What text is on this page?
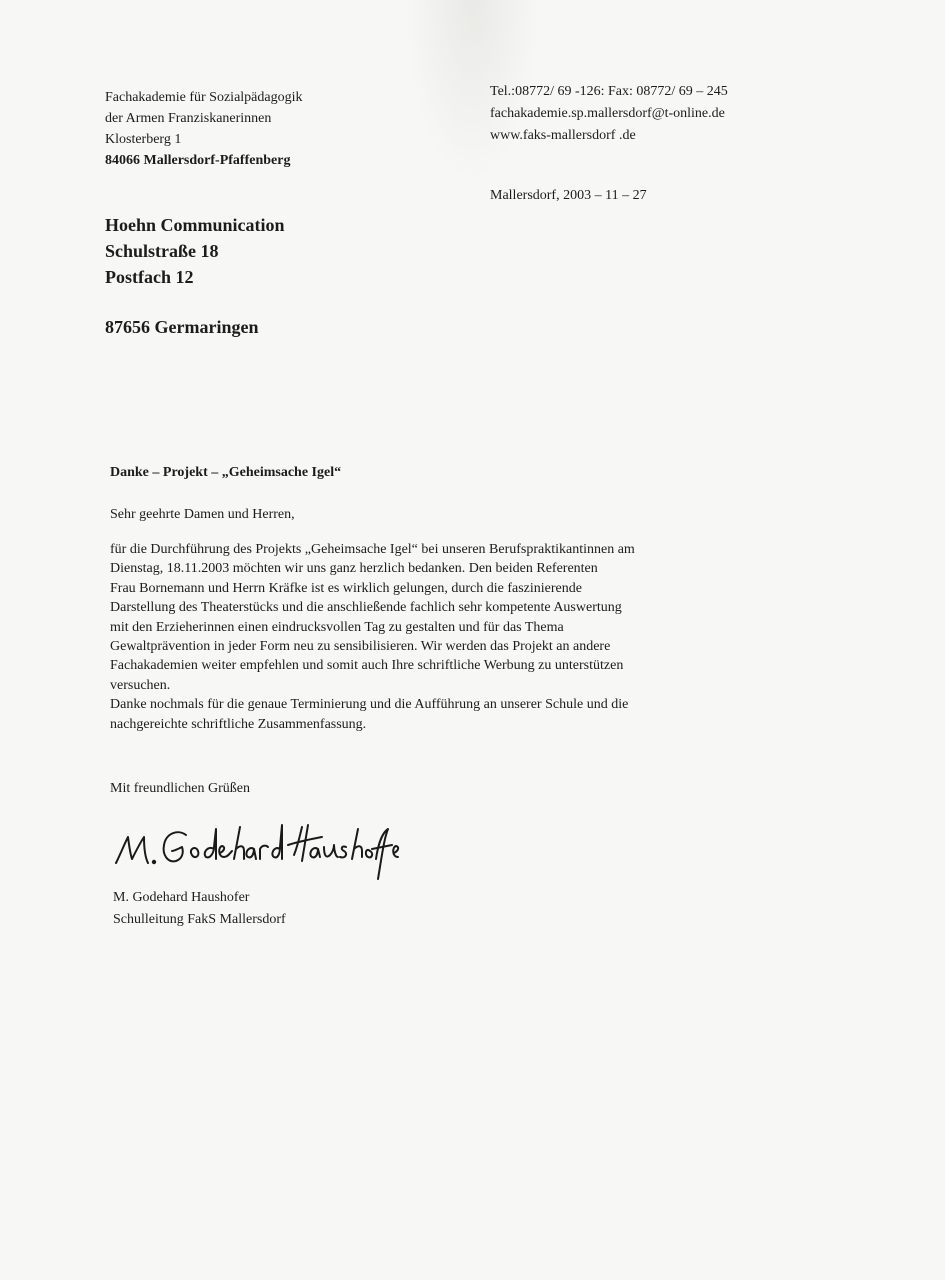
Fachakademie für Sozialpädagogik
der Armen Franziskanerinnen
Klosterberg 1
84066 Mallersdorf-Pfaffenberg
Tel.:08772/ 69 -126: Fax: 08772/ 69 – 245
fachakademie.sp.mallersdorf@t-online.de
www.faks-mallersdorf .de
Mallersdorf, 2003 – 11 – 27
Hoehn Communication
Schulstraße 18
Postfach 12
87656 Germaringen
Danke – Projekt – „Geheimsache Igel“
Sehr geehrte Damen und Herren,
für die Durchführung des Projekts „Geheimsache Igel“ bei unseren Berufspraktikantinnen am
Dienstag, 18.11.2003 möchten wir uns ganz herzlich bedanken. Den beiden Referenten
Frau Bornemann und Herrn Kräfke ist es wirklich gelungen, durch die faszinierende
Darstellung des Theaterstücks und die anschließende fachlich sehr kompetente Auswertung
mit den Erzieherinnen einen eindrucksvollen Tag zu gestalten und für das Thema
Gewaltprävention in jeder Form neu zu sensibilisieren. Wir werden das Projekt an andere
Fachakademien weiter empfehlen und somit auch Ihre schriftliche Werbung zu unterstützen
versuchen.
Danke nochmals für die genaue Terminierung und die Aufführung an unserer Schule und die
nachgereichte schriftliche Zusammenfassung.
Mit freundlichen Grüßen
M. Godehard Haushofer
M. Godehard Haushofer
Schulleitung FakS Mallersdorf
